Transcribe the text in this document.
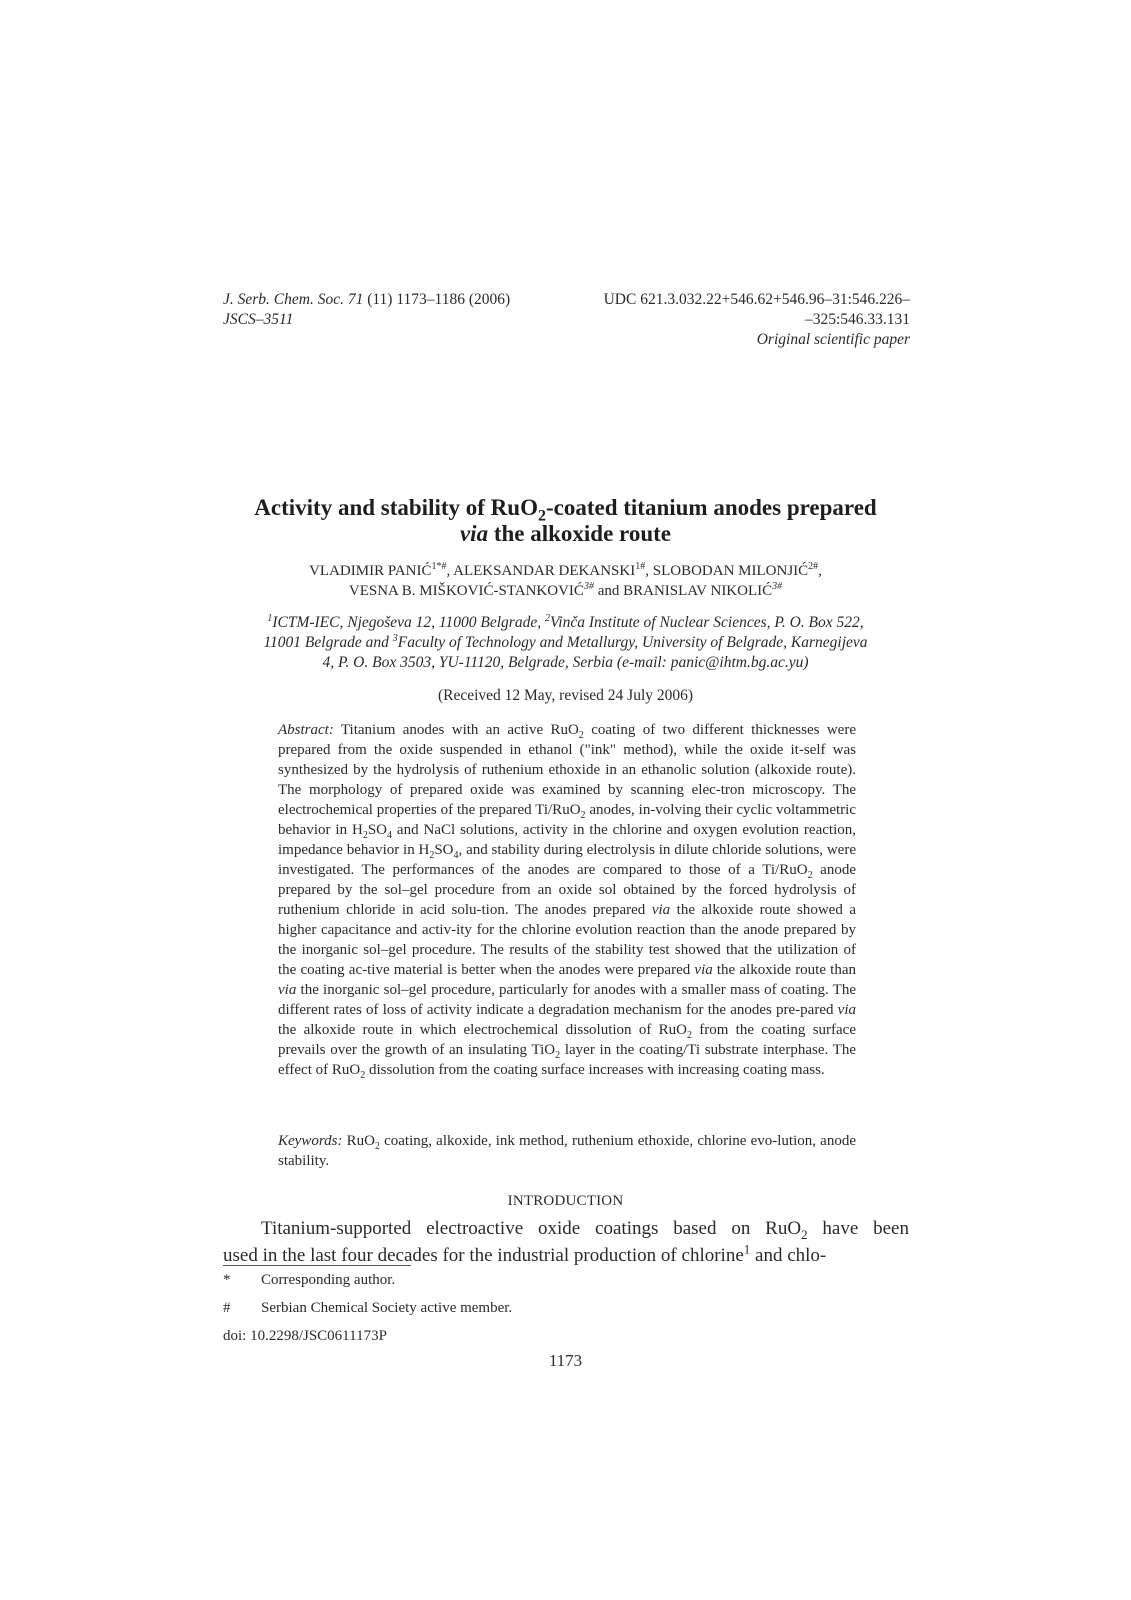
J. Serb. Chem. Soc. 71 (11) 1173–1186 (2006)
JSCS–3511
UDC 621.3.032.22+546.62+546.96–31:546.226–
–325:546.33.131
Original scientific paper
Activity and stability of RuO$_2$-coated titanium anodes prepared
via the alkoxide route
VLADIMIR $PANIĆ^{1*\#}$, ALEKSANDAR $DEKANSKI^{1\#}$, SLOBODAN $MILONJIĆ^{2\#}$,
VESNA B. MIŠKOVIĆ-$STANKOVIĆ^{3\#}$ and BRANISLAV $NIKOLIĆ^{3\#}$
$^1$ICTM-IEC, Njegoševa 12, 11000 Belgrade, $^2$Vinča Institute of Nuclear Sciences, P. O. Box 522,
11001 Belgrade and $^3$Faculty of Technology and Metallurgy, University of Belgrade, Karnegijeva
4, P. O. Box 3503, YU-11120, Belgrade, Serbia (e-mail: panic@ihtm.bg.ac.yu)
(Received 12 May, revised 24 July 2006)
Abstract: Titanium anodes with an active RuO$_2$ coating of two different thicknesses were prepared from the oxide suspended in ethanol ("ink" method), while the oxide it-self was synthesized by the hydrolysis of ruthenium ethoxide in an ethanolic solution (alkoxide route). The morphology of prepared oxide was examined by scanning elec-tron microscopy. The electrochemical properties of the prepared Ti/RuO$_2$ anodes, in-volving their cyclic voltammetric behavior in $H_2SO_4$ and NaCl solutions, activity in the chlorine and oxygen evolution reaction, impedance behavior in $H_2SO_4$, and stability during electrolysis in dilute chloride solutions, were investigated. The performances of the anodes are compared to those of a Ti/RuO$_2$ anode prepared by the sol–gel procedure from an oxide sol obtained by the forced hydrolysis of ruthenium chloride in acid solu-tion. The anodes prepared via the alkoxide route showed a higher capacitance and activ-ity for the chlorine evolution reaction than the anode prepared by the inorganic sol–gel procedure. The results of the stability test showed that the utilization of the coating ac-tive material is better when the anodes were prepared via the alkoxide route than via the inorganic sol–gel procedure, particularly for anodes with a smaller mass of coating. The different rates of loss of activity indicate a degradation mechanism for the anodes pre-pared via the alkoxide route in which electrochemical dissolution of RuO$_2$ from the coating surface prevails over the growth of an insulating TiO$_2$ layer in the coating/Ti substrate interphase. The effect of RuO$_2$ dissolution from the coating surface increases with increasing coating mass.
Keywords: RuO$_2$ coating, alkoxide, ink method, ruthenium ethoxide, chlorine evo-lution, anode stability.
INTRODUCTION
Titanium-supported electroactive oxide coatings based on RuO$_2$ have been
used in the last four decades for the industrial production of chlorine$^1$ and chlo-
* Corresponding author.
# Serbian Chemical Society active member.
doi: 10.2298/JSC0611173P
1173
